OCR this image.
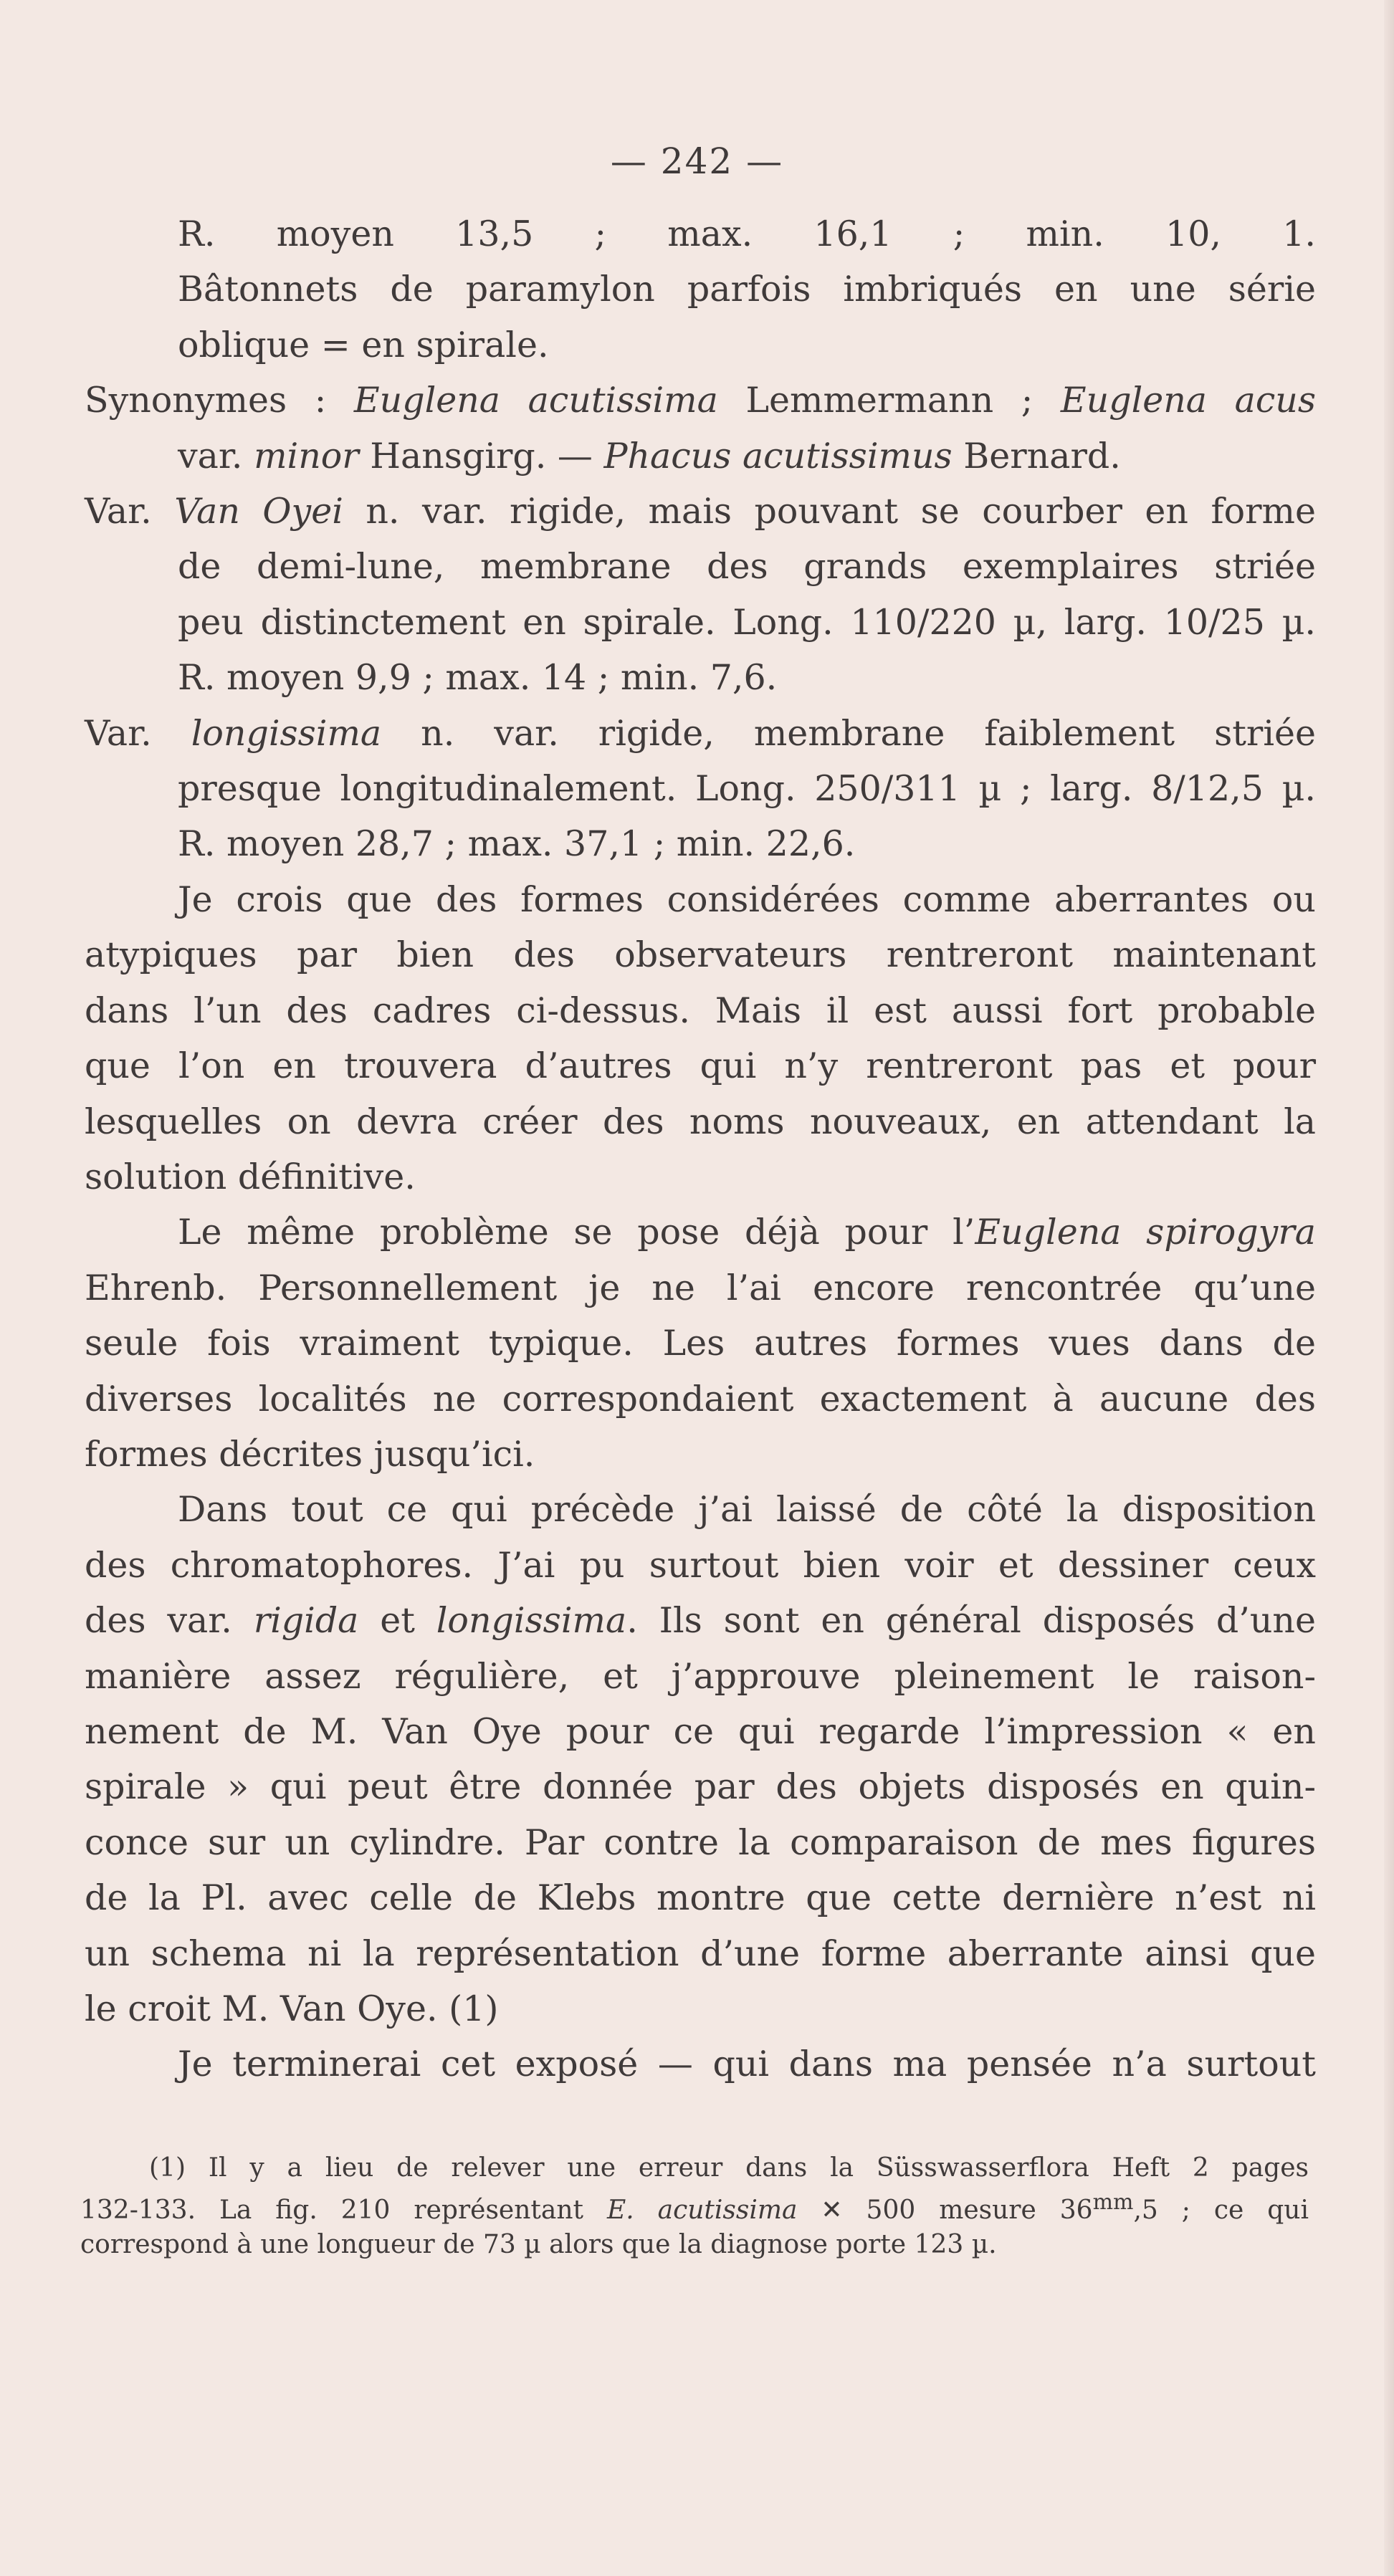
— 242 —

R. moyen 13,5 ; max. 16,1 ; min. 10, 1.

Bâtonnets de paramylon parfois imbriqués en une série

oblique = en spirale.

Synonymes : Euglena acutissima Lemmermann ; Euglena acus

var. minor Hansgirg. — Phacus acutissimus Bernard.

Var. Van Oyei n. var. rigide, mais pouvant se courber en forme

de demi-lune, membrane des grands exemplaires striée

peu distinctement en spirale. Long. 110/220 µ, larg. 10/25 µ.

R. moyen 9,9 ; max. 14 ; min. 7,6.

Var. longissima n. var. rigide, membrane faiblement striée

presque longitudinalement. Long. 250/311 µ ; larg. 8/12,5 µ.

R. moyen 28,7 ; max. 37,1 ; min. 22,6.

Je crois que des formes considérées comme aberrantes ou

atypiques par bien des observateurs rentreront maintenant

dans l’un des cadres ci-dessus. Mais il est aussi fort probable

que l’on en trouvera d’autres qui n’y rentreront pas et pour

lesquelles on devra créer des noms nouveaux, en attendant la

solution définitive.

Le même problème se pose déjà pour l’Euglena spirogyra

Ehrenb. Personnellement je ne l’ai encore rencontrée qu’une

seule fois vraiment typique. Les autres formes vues dans de

diverses localités ne correspondaient exactement à aucune des

formes décrites jusqu’ici.

Dans tout ce qui précède j’ai laissé de côté la disposition

des chromatophores. J’ai pu surtout bien voir et dessiner ceux

des var. rigida et longissima. Ils sont en général disposés d’une

manière assez régulière, et j’approuve pleinement le raison-

nement de M. Van Oye pour ce qui regarde l’impression « en

spirale » qui peut être donnée par des objets disposés en quin-

conce sur un cylindre. Par contre la comparaison de mes figures

de la Pl. avec celle de Klebs montre que cette dernière n’est ni

un schema ni la représentation d’une forme aberrante ainsi que

le croit M. Van Oye. (1)

Je terminerai cet exposé — qui dans ma pensée n’a surtout

(1) Il y a lieu de relever une erreur dans la Süsswasserflora Heft 2 pages

132-133. La fig. 210 représentant E. acutissima ✕ 500 mesure $36^{mm},5$ ; ce qui

correspond à une longueur de 73 µ alors que la diagnose porte 123 µ.
